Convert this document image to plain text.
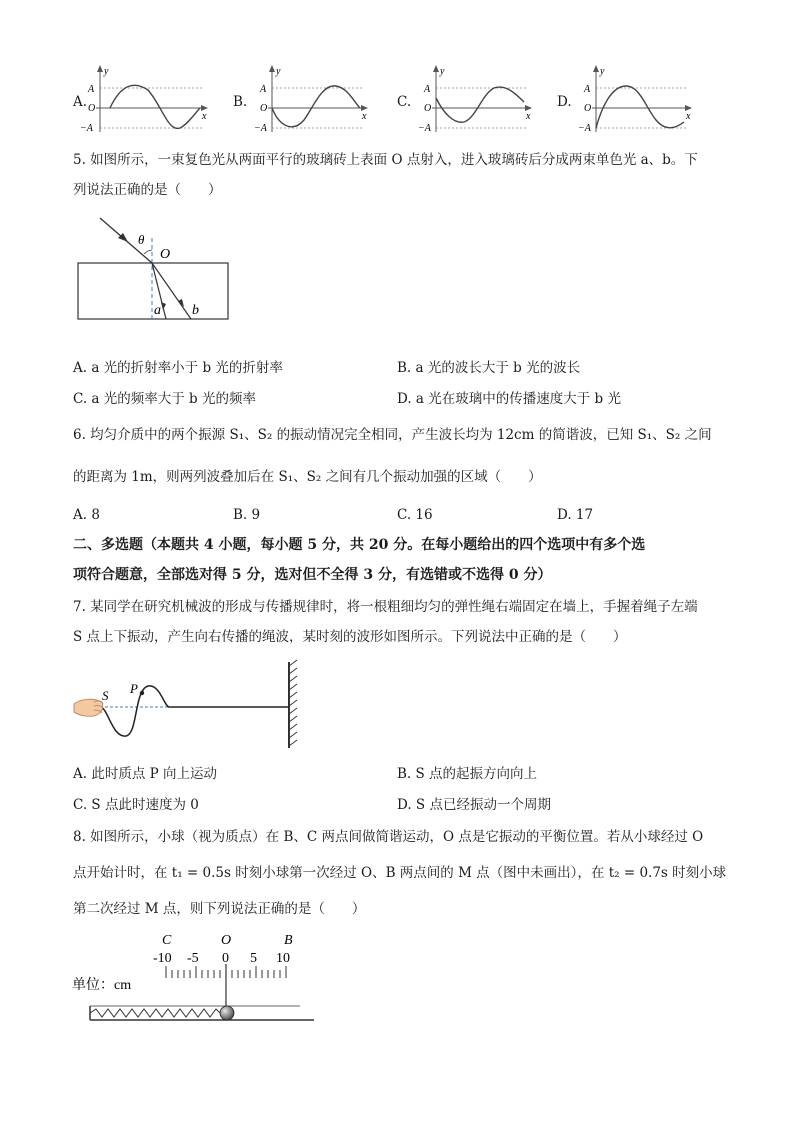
A.
y
A
O
−A
x
B.
y
A
O
−A
x
C.
y
A
O
−A
x
D.
y
A
O
−A
x
5. 如图所示，一束复色光从两面平行的玻璃砖上表面 O 点射入，进入玻璃砖后分成两束单色光 a、b。下
列说法正确的是（　　）
θ
O
a b
A. a 光的折射率小于 b 光的折射率	B. a 光的波长大于 b 光的波长
C. a 光的频率大于 b 光的频率	D. a 光在玻璃中的传播速度大于 b 光
6. 均匀介质中的两个振源 S₁、S₂ 的振动情况完全相同，产生波长均为 12cm 的简谐波，已知 S₁、S₂ 之间
的距离为 1m，则两列波叠加后在 S₁、S₂ 之间有几个振动加强的区域（　　）
A. 8	B. 9	C. 16	D. 17
二、多选题（本题共 4 小题，每小题 5 分，共 20 分。在每小题给出的四个选项中有多个选
项符合题意，全部选对得 5 分，选对但不全得 3 分，有选错或不选得 0 分）
7. 某同学在研究机械波的形成与传播规律时，将一根粗细均匀的弹性绳右端固定在墙上，手握着绳子左端
S 点上下振动，产生向右传播的绳波，某时刻的波形如图所示。下列说法中正确的是（　　）
S P
A. 此时质点 P 向上运动	B. S 点的起振方向向上
C. S 点此时速度为 0	D. S 点已经振动一个周期
8. 如图所示，小球（视为质点）在 B、C 两点间做简谐运动，O 点是它振动的平衡位置。若从小球经过 O
点开始计时，在 t₁ = 0.5s 时刻小球第一次经过 O、B 两点间的 M 点（图中未画出），在 t₂ = 0.7s 时刻小球
第二次经过 M 点，则下列说法正确的是（　　）
C	O	B
-10 -5 0 5 10
单位：cm
